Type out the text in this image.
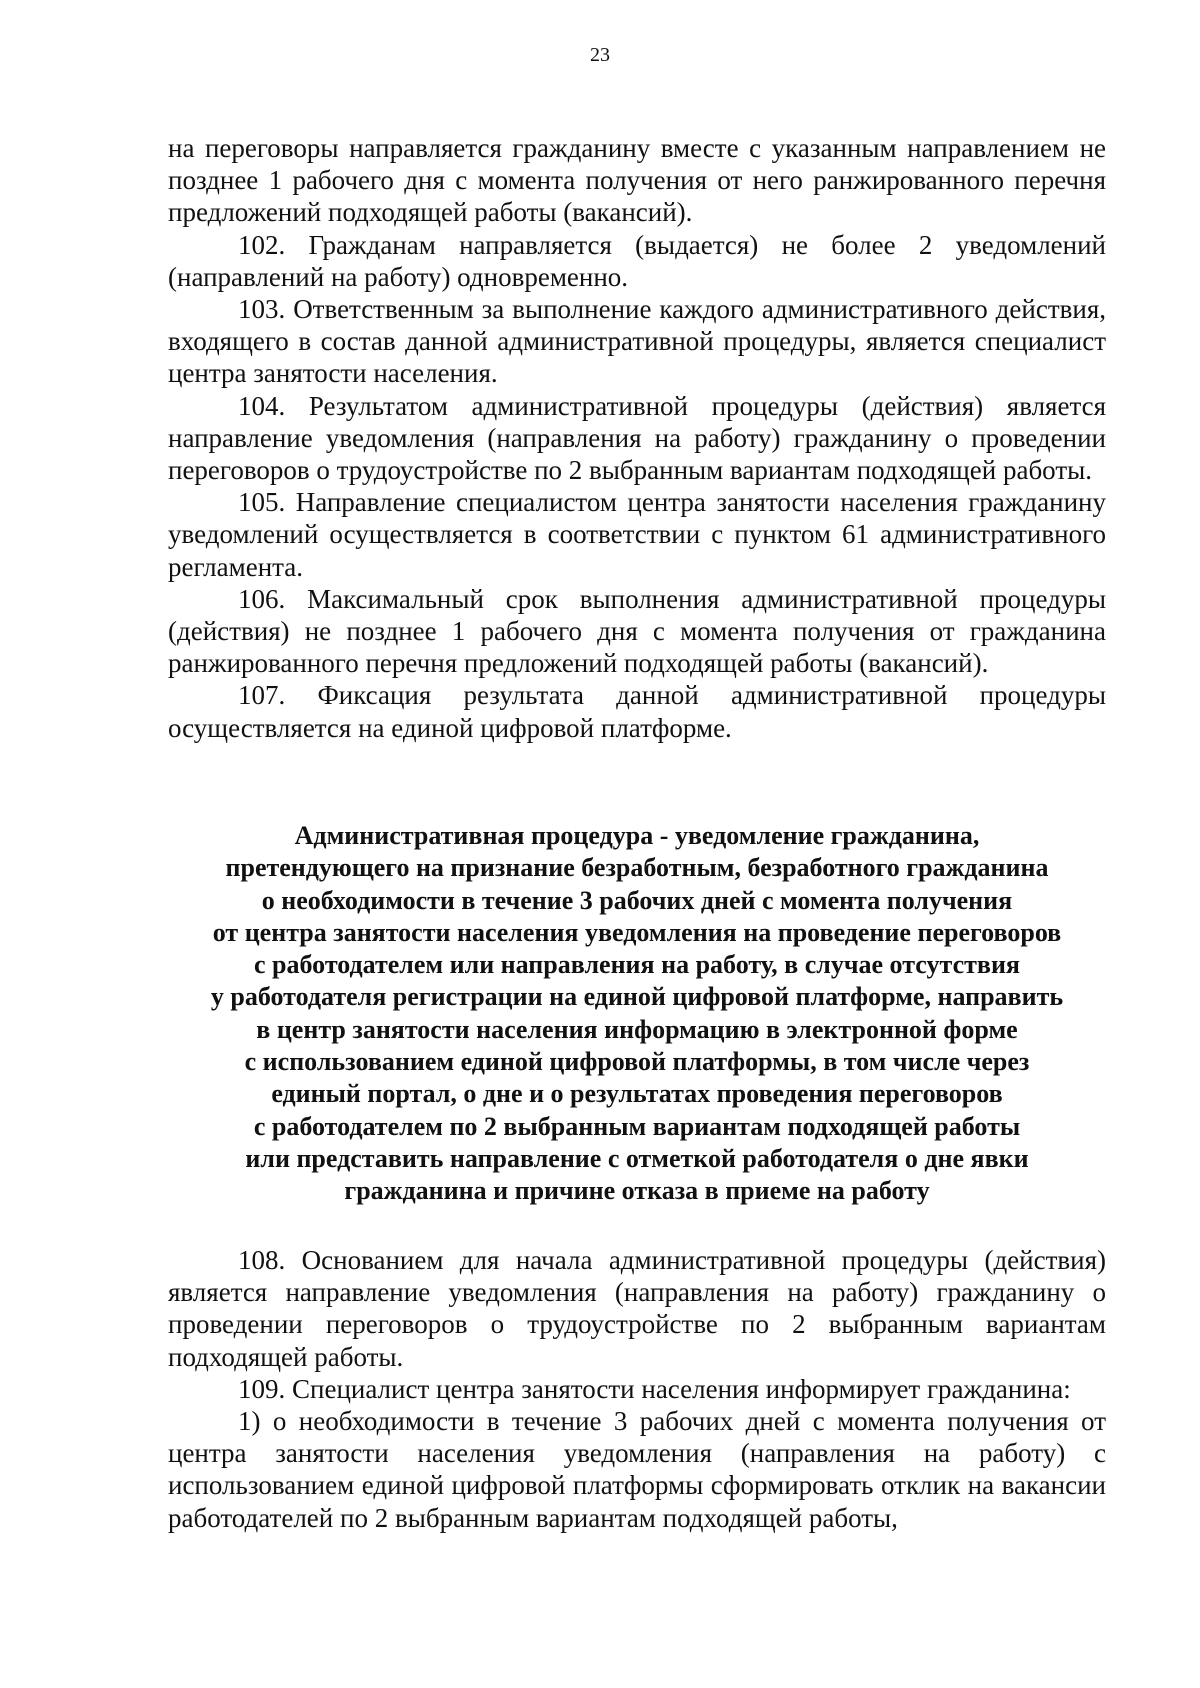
23

на переговоры направляется гражданину вместе с указанным направлением не позднее 1 рабочего дня с момента получения от него ранжированного перечня предложений подходящей работы (вакансий).

102. Гражданам направляется (выдается) не более 2 уведомлений (направлений на работу) одновременно.

103. Ответственным за выполнение каждого административного действия, входящего в состав данной административной процедуры, является специалист центра занятости населения.

104. Результатом административной процедуры (действия) является направление уведомления (направления на работу) гражданину о проведении переговоров о трудоустройстве по 2 выбранным вариантам подходящей работы.

105. Направление специалистом центра занятости населения гражданину уведомлений осуществляется в соответствии с пунктом 61 административного регламента.

106. Максимальный срок выполнения административной процедуры (действия) не позднее 1 рабочего дня с момента получения от гражданина ранжированного перечня предложений подходящей работы (вакансий).

107. Фиксация результата данной административной процедуры осуществляется на единой цифровой платформе.

Административная процедура - уведомление гражданина,
претендующего на признание безработным, безработного гражданина
о необходимости в течение 3 рабочих дней с момента получения
от центра занятости населения уведомления на проведение переговоров
с работодателем или направления на работу, в случае отсутствия
у работодателя регистрации на единой цифровой платформе, направить
в центр занятости населения информацию в электронной форме
с использованием единой цифровой платформы, в том числе через
единый портал, о дне и о результатах проведения переговоров
с работодателем по 2 выбранным вариантам подходящей работы
или представить направление с отметкой работодателя о дне явки
гражданина и причине отказа в приеме на работу

108. Основанием для начала административной процедуры (действия) является направление уведомления (направления на работу) гражданину о проведении переговоров о трудоустройстве по 2 выбранным вариантам подходящей работы.

109. Специалист центра занятости населения информирует гражданина:

1) о необходимости в течение 3 рабочих дней с момента получения от центра занятости населения уведомления (направления на работу) с использованием единой цифровой платформы сформировать отклик на вакансии работодателей по 2 выбранным вариантам подходящей работы,
